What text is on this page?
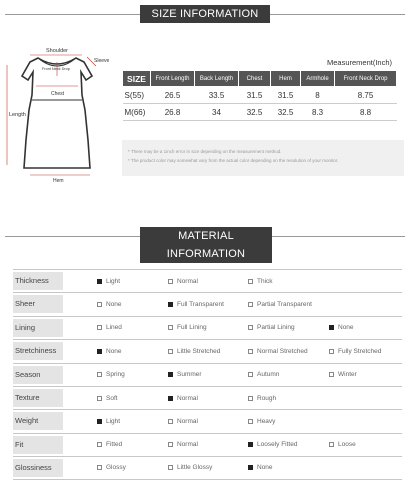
SIZE INFORMATION
Shoulder
Sleeve
Front Neck Drop
Chest
Length
Hem
Measurement(Inch)
SIZE	Front Length	Back Length	Chest	Hem	Armhole	Front Neck Drop
S(55)	26.5	33.5	31.5	31.5	8	8.75
M(66)	26.8	34	32.5	32.5	8.3	8.8
* There may be a 1inch error in size depending on the measurement method.
* The product color may somewhat vary from the actual color depending on the resolution of your monitor.
MATERIAL INFORMATION
Thickness	Light	Normal	Thick
Sheer	None	Full Transparent	Partial Transparent
Lining	Lined	Full Lining	Partial Lining	None
Stretchiness	None	Little Stretched	Normal Stretched	Fully Stretched
Season	Spring	Summer	Autumn	Winter
Texture	Soft	Normal	Rough
Weight	Light	Normal	Heavy
Fit	Fitted	Normal	Loosely Fitted	Loose
Glossiness	Glossy	Little Glossy	None
